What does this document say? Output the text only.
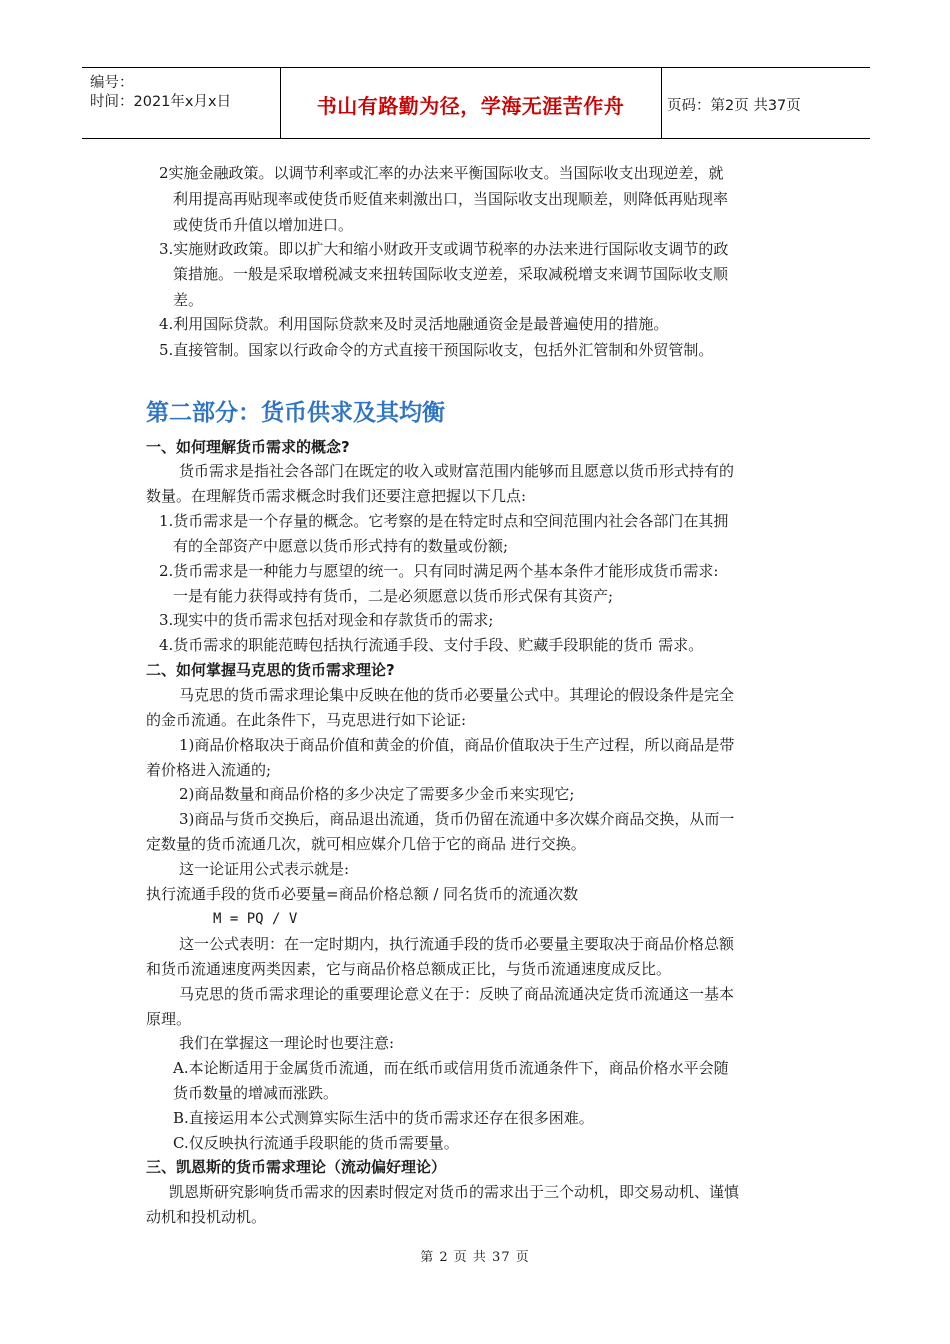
编号：
时间：2021年x月x日	书山有路勤为径，学海无涯苦作舟	页码：第2页 共37页
2实施金融政策。以调节利率或汇率的办法来平衡国际收支。当国际收支出现逆差，就
利用提高再贴现率或使货币贬值来刺激出口，当国际收支出现顺差，则降低再贴现率
或使货币升值以增加进口。
3.实施财政政策。即以扩大和缩小财政开支或调节税率的办法来进行国际收支调节的政
策措施。一般是采取增税减支来扭转国际收支逆差，采取减税增支来调节国际收支顺
差。
4.利用国际贷款。利用国际贷款来及时灵活地融通资金是最普遍使用的措施。
5.直接管制。国家以行政命令的方式直接干预国际收支，包括外汇管制和外贸管制。
第二部分：货币供求及其均衡
一、如何理解货币需求的概念?
货币需求是指社会各部门在既定的收入或财富范围内能够而且愿意以货币形式持有的
数量。在理解货币需求概念时我们还要注意把握以下几点:
1.货币需求是一个存量的概念。它考察的是在特定时点和空间范围内社会各部门在其拥
有的全部资产中愿意以货币形式持有的数量或份额;
2.货币需求是一种能力与愿望的统一。只有同时满足两个基本条件才能形成货币需求:
一是有能力获得或持有货币，二是必须愿意以货币形式保有其资产;
3.现实中的货币需求包括对现金和存款货币的需求;
4.货币需求的职能范畴包括执行流通手段、支付手段、贮藏手段职能的货币 需求。
二、如何掌握马克思的货币需求理论?
马克思的货币需求理论集中反映在他的货币必要量公式中。其理论的假设条件是完全
的金币流通。在此条件下，马克思进行如下论证:
1)商品价格取决于商品价值和黄金的价值，商品价值取决于生产过程，所以商品是带
着价格进入流通的;
2)商品数量和商品价格的多少决定了需要多少金币来实现它;
3)商品与货币交换后，商品退出流通，货币仍留在流通中多次媒介商品交换，从而一
定数量的货币流通几次，就可相应媒介几倍于它的商品 进行交换。
这一论证用公式表示就是:
执行流通手段的货币必要量=商品价格总额 / 同名货币的流通次数
M = PQ / V
这一公式表明：在一定时期内，执行流通手段的货币必要量主要取决于商品价格总额
和货币流通速度两类因素，它与商品价格总额成正比，与货币流通速度成反比。
马克思的货币需求理论的重要理论意义在于：反映了商品流通决定货币流通这一基本
原理。
我们在掌握这一理论时也要注意:
A.本论断适用于金属货币流通，而在纸币或信用货币流通条件下，商品价格水平会随
货币数量的增减而涨跌。
B.直接运用本公式测算实际生活中的货币需求还存在很多困难。
C.仅反映执行流通手段职能的货币需要量。
三、凯恩斯的货币需求理论（流动偏好理论）
凯恩斯研究影响货币需求的因素时假定对货币的需求出于三个动机，即交易动机、谨慎
动机和投机动机。
第 2 页 共 37 页
